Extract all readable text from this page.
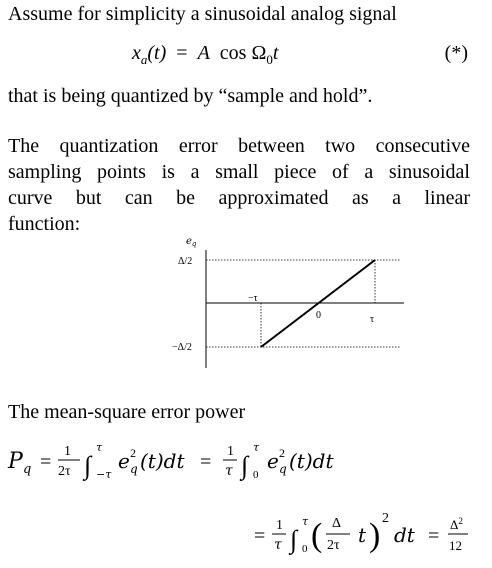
Assume for simplicity a sinusoidal analog signal
$x_a(t) = A$ $\cos \Omega_0t$	(*)
that is being quantized by “sample and hold”.
The quantization error between two consecutive
sampling points is a small piece of a sinusoidal
curve but can be approximated as a linear
function:
$e_q$
Δ/2
−Δ/2
−τ
0	τ
P q = 1
2τ ∫
τ
−τ
e 2
q (t)dt = 1
τ ∫
τ
0
e 2
q (t)dt
= 1
τ ∫
τ
0 ( Δ
2τ t ) 2
dt =
$\Delta^2$
12
The mean-square error power
